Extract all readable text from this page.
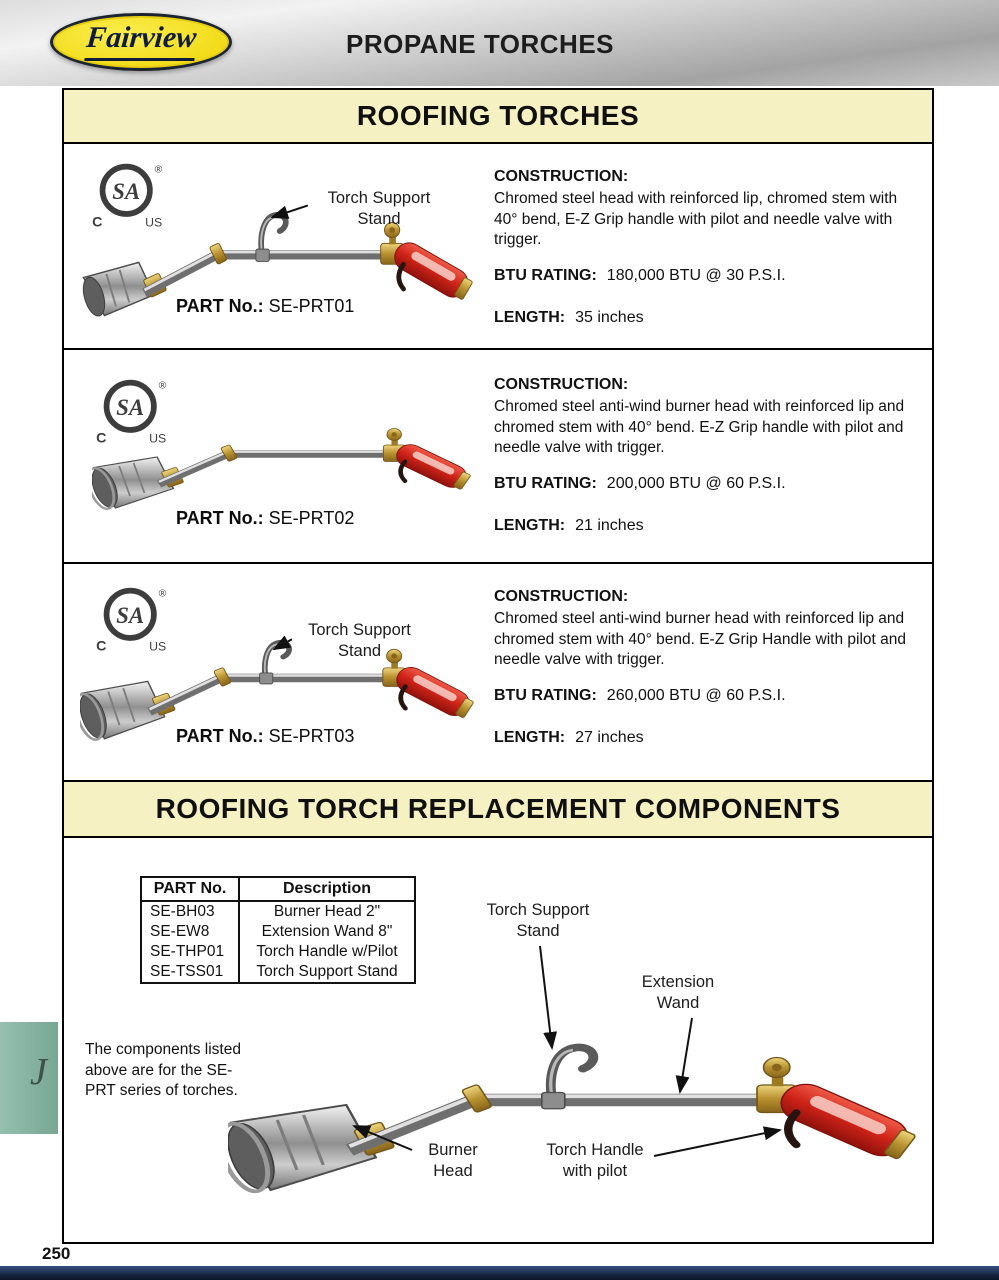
Fairview	PROPANE TORCHES
ROOFING TORCHES
SA
®
C	US
Torch Support Stand
PART No.: SE-PRT01
CONSTRUCTION:

Chromed steel head with reinforced lip, chromed stem with 40° bend, E-Z Grip handle with pilot and needle valve with trigger.

BTU RATING: 180,000 BTU @ 30 P.S.I.

LENGTH: 35 inches

SA
®
C	US
PART No.: SE-PRT02
CONSTRUCTION:

Chromed steel anti-wind burner head with reinforced lip and chromed stem with 40° bend. E-Z Grip handle with pilot and needle valve with trigger.

BTU RATING: 200,000 BTU @ 60 P.S.I.

LENGTH: 21 inches

SA
®
C	US
Torch Support Stand
PART No.: SE-PRT03
CONSTRUCTION:

Chromed steel anti-wind burner head with reinforced lip and chromed stem with 40° bend. E-Z Grip Handle with pilot and needle valve with trigger.

BTU RATING: 260,000 BTU @ 60 P.S.I.

LENGTH: 27 inches

ROOFING TORCH REPLACEMENT COMPONENTS
PART No.	Description
SE-BH03	Burner Head 2"
SE-EW8	Extension Wand 8"
SE-THP01	Torch Handle w/Pilot
SE-TSS01	Torch Support Stand

The components listed above are for the SE-PRT series of torches.

Torch Support Stand
Extension Wand
Burner Head
Torch Handle with pilot
J
250
